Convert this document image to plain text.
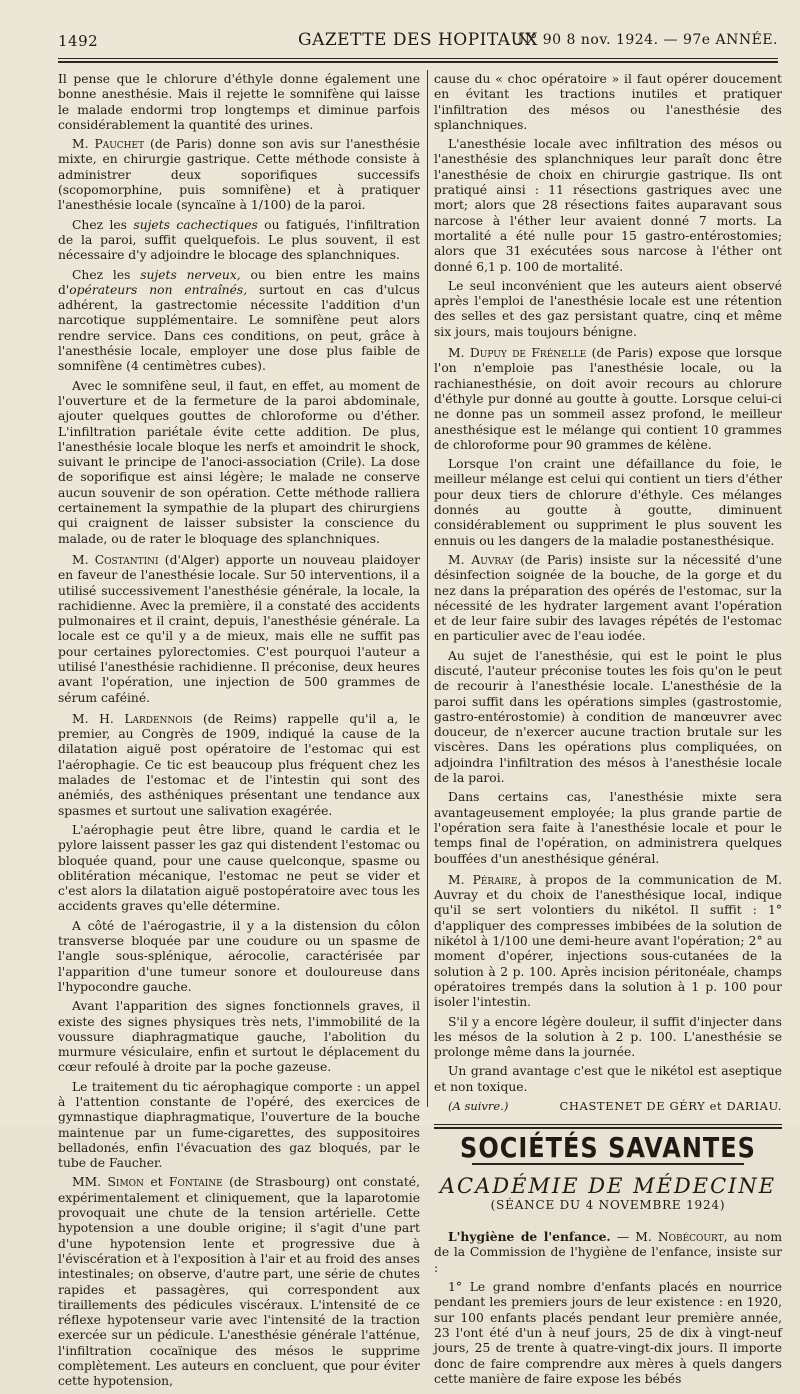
1492	GAZETTE DES HOPITAUX
N° 90 8 nov. 1924. — 97e ANNÉE.

Il pense que le chlorure d'éthyle donne également une bonne anesthésie. Mais il rejette le somnifène qui laisse le malade endormi trop longtemps et diminue parfois considérablement la quantité des urines.

M. Pauchet (de Paris) donne son avis sur l'anesthésie mixte, en chirurgie gastrique. Cette méthode consiste à administrer deux soporifiques successifs (scopomorphine, puis somnifène) et à pratiquer l'anesthésie locale (syncaïne à 1/100) de la paroi.

Chez les sujets cachectiques ou fatigués, l'infiltration de la paroi, suffit quelquefois. Le plus souvent, il est nécessaire d'y adjoindre le blocage des splanchniques.

Chez les sujets nerveux, ou bien entre les mains d'opérateurs non entraînés, surtout en cas d'ulcus adhérent, la gastrectomie nécessite l'addition d'un narcotique supplémentaire. Le somnifène peut alors rendre service. Dans ces conditions, on peut, grâce à l'anesthésie locale, employer une dose plus faible de somnifène (4 centimètres cubes).

Avec le somnifène seul, il faut, en effet, au moment de l'ouverture et de la fermeture de la paroi abdominale, ajouter quelques gouttes de chloroforme ou d'éther. L'infiltration pariétale évite cette addition. De plus, l'anesthésie locale bloque les nerfs et amoindrit le shock, suivant le principe de l'anoci-association (Crile). La dose de soporifique est ainsi légère; le malade ne conserve aucun souvenir de son opération. Cette méthode ralliera certainement la sympathie de la plupart des chirurgiens qui craignent de laisser subsister la conscience du malade, ou de rater le bloquage des splanchniques.

M. Costantini (d'Alger) apporte un nouveau plaidoyer en faveur de l'anesthésie locale. Sur 50 interventions, il a utilisé successivement l'anesthésie générale, la locale, la rachidienne. Avec la première, il a constaté des accidents pulmonaires et il craint, depuis, l'anesthésie générale. La locale est ce qu'il y a de mieux, mais elle ne suffit pas pour certaines pylorectomies. C'est pourquoi l'auteur a utilisé l'anesthésie rachidienne. Il préconise, deux heures avant l'opération, une injection de 500 grammes de sérum caféiné.

M. H. Lardennois (de Reims) rappelle qu'il a, le premier, au Congrès de 1909, indiqué la cause de la dilatation aiguë post opératoire de l'estomac qui est l'aérophagie. Ce tic est beaucoup plus fréquent chez les malades de l'estomac et de l'intestin qui sont des anémiés, des asthéniques présentant une tendance aux spasmes et surtout une salivation exagérée.

L'aérophagie peut être libre, quand le cardia et le pylore laissent passer les gaz qui distendent l'estomac ou bloquée quand, pour une cause quelconque, spasme ou oblitération mécanique, l'estomac ne peut se vider et c'est alors la dilatation aiguë postopératoire avec tous les accidents graves qu'elle détermine.

A côté de l'aérogastrie, il y a la distension du côlon transverse bloquée par une coudure ou un spasme de l'angle sous-splénique, aérocolie, caractérisée par l'apparition d'une tumeur sonore et douloureuse dans l'hypocondre gauche.

Avant l'apparition des signes fonctionnels graves, il existe des signes physiques très nets, l'immobilité de la voussure diaphragmatique gauche, l'abolition du murmure vésiculaire, enfin et surtout le déplacement du cœur refoulé à droite par la poche gazeuse.

Le traitement du tic aérophagique comporte : un appel à l'attention constante de l'opéré, des exercices de gymnastique diaphragmatique, l'ouverture de la bouche maintenue par un fume-cigarettes, des suppositoires belladonés, enfin l'évacuation des gaz bloqués, par le tube de Faucher.

MM. Simon et Fontaine (de Strasbourg) ont constaté, expérimentalement et cliniquement, que la laparotomie provoquait une chute de la tension artérielle. Cette hypotension a une double origine; il s'agit d'une part d'une hypotension lente et progressive due à l'éviscération et à l'exposition à l'air et au froid des anses intestinales; on observe, d'autre part, une série de chutes rapides et passagères, qui correspondent aux tiraillements des pédicules viscéraux. L'intensité de ce réflexe hypotenseur varie avec l'intensité de la traction exercée sur un pédicule. L'anesthésie générale l'atténue, l'infiltration cocaïnique des mésos le supprime complètement. Les auteurs en concluent, que pour éviter cette hypotension,

cause du « choc opératoire » il faut opérer doucement en évitant les tractions inutiles et pratiquer l'infiltration des mésos ou l'anesthésie des splanchniques.

L'anesthésie locale avec infiltration des mésos ou l'anesthésie des splanchniques leur paraît donc être l'anesthésie de choix en chirurgie gastrique. Ils ont pratiqué ainsi : 11 résections gastriques avec une mort; alors que 28 résections faites auparavant sous narcose à l'éther leur avaient donné 7 morts. La mortalité a été nulle pour 15 gastro-entérostomies; alors que 31 exécutées sous narcose à l'éther ont donné 6,1 p. 100 de mortalité.

Le seul inconvénient que les auteurs aient observé après l'emploi de l'anesthésie locale est une rétention des selles et des gaz persistant quatre, cinq et même six jours, mais toujours bénigne.

M. Dupuy de Frénelle (de Paris) expose que lorsque l'on n'emploie pas l'anesthésie locale, ou la rachianesthésie, on doit avoir recours au chlorure d'éthyle pur donné au goutte à goutte. Lorsque celui-ci ne donne pas un sommeil assez profond, le meilleur anesthésique est le mélange qui contient 10 grammes de chloroforme pour 90 grammes de kélène.

Lorsque l'on craint une défaillance du foie, le meilleur mélange est celui qui contient un tiers d'éther pour deux tiers de chlorure d'éthyle. Ces mélanges donnés au goutte à goutte, diminuent considérablement ou suppriment le plus souvent les ennuis ou les dangers de la maladie postanesthésique.

M. Auvray (de Paris) insiste sur la nécessité d'une désinfection soignée de la bouche, de la gorge et du nez dans la préparation des opérés de l'estomac, sur la nécessité de les hydrater largement avant l'opération et de leur faire subir des lavages répétés de l'estomac en particulier avec de l'eau iodée.

Au sujet de l'anesthésie, qui est le point le plus discuté, l'auteur préconise toutes les fois qu'on le peut de recourir à l'anesthésie locale. L'anesthésie de la paroi suffit dans les opérations simples (gastrostomie, gastro-entérostomie) à condition de manœuvrer avec douceur, de n'exercer aucune traction brutale sur les viscères. Dans les opérations plus compliquées, on adjoindra l'infiltration des mésos à l'anesthésie locale de la paroi.

Dans certains cas, l'anesthésie mixte sera avantageusement employée; la plus grande partie de l'opération sera faite à l'anesthésie locale et pour le temps final de l'opération, on administrera quelques bouffées d'un anesthésique général.

M. Péraire, à propos de la communication de M. Auvray et du choix de l'anesthésique local, indique qu'il se sert volontiers du nikétol. Il suffit : 1° d'appliquer des compresses imbibées de la solution de nikétol à 1/100 une demi-heure avant l'opération; 2° au moment d'opérer, injections sous-cutanées de la solution à 2 p. 100. Après incision péritonéale, champs opératoires trempés dans la solution à 1 p. 100 pour isoler l'intestin.

S'il y a encore légère douleur, il suffit d'injecter dans les mésos de la solution à 2 p. 100. L'anesthésie se prolonge même dans la journée.

Un grand avantage c'est que le nikétol est aseptique et non toxique.

(A suivre.)	CHASTENET DE GÉRY et DARIAU.
SOCIÉTÉS SAVANTES
ACADÉMIE DE MÉDECINE
(SÉANCE DU 4 NOVEMBRE 1924)

L'hygiène de l'enfance. — M. Nobécourt, au nom de la Commission de l'hygiène de l'enfance, insiste sur :

1° Le grand nombre d'enfants placés en nourrice pendant les premiers jours de leur existence : en 1920, sur 100 enfants placés pendant leur première année, 23 l'ont été d'un à neuf jours, 25 de dix à vingt-neuf jours, 25 de trente à quatre-vingt-dix jours. Il importe donc de faire comprendre aux mères à quels dangers cette manière de faire expose les bébés
